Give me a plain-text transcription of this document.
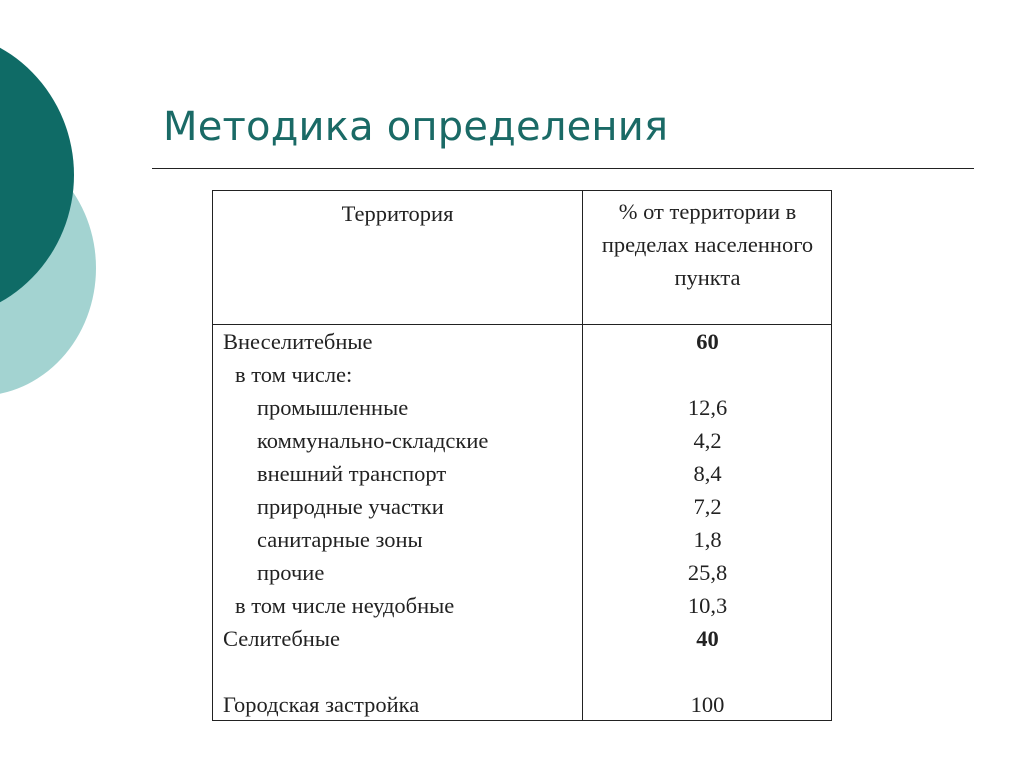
Методика определения
Территория	% от территории в пределах населенного пункта
Внеселитебные	60
в том числе:
промышленные	12,6
коммунально-складские	4,2
внешний транспорт	8,4
природные участки	7,2
санитарные зоны	1,8
прочие	25,8
в том числе неудобные	10,3
Селитебные	40
Городская застройка	100
